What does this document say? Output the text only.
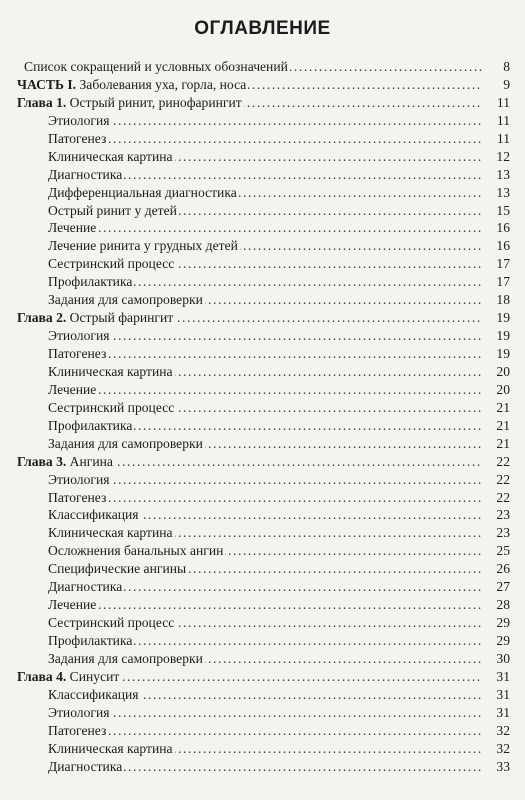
ОГЛАВЛЕНИЕ
.....
Список сокращений и условных обозначений	8
.....
ЧАСТЬ I. Заболевания уха, горла, носа	9
.....
Глава 1. Острый ринит, ринофарингит	11
.....
Этиология	11
.....
Патогенез	11
.....
Клиническая картина	12
.....
Диагностика	13
.....
Дифференциальная диагностика	13
.....
Острый ринит у детей	15
.....
Лечение	16
.....
Лечение ринита у грудных детей	16
.....
Сестринский процесс	17
.....
Профилактика	17
.....
Задания для самопроверки	18
.....
Глава 2. Острый фарингит	19
.....
Этиология	19
.....
Патогенез	19
.....
Клиническая картина	20
.....
Лечение	20
.....
Сестринский процесс	21
.....
Профилактика	21
.....
Задания для самопроверки	21
.....
Глава 3. Ангина	22
.....
Этиология	22
.....
Патогенез	22
.....
Классификация	23
.....
Клиническая картина	23
.....
Осложнения банальных ангин	25
.....
Специфические ангины	26
.....
Диагностика	27
.....
Лечение	28
.....
Сестринский процесс	29
.....
Профилактика	29
.....
Задания для самопроверки	30
.....
Глава 4. Синусит	31
.....
Классификация	31
.....
Этиология	31
.....
Патогенез	32
.....
Клиническая картина	32
.....
Диагностика	33
